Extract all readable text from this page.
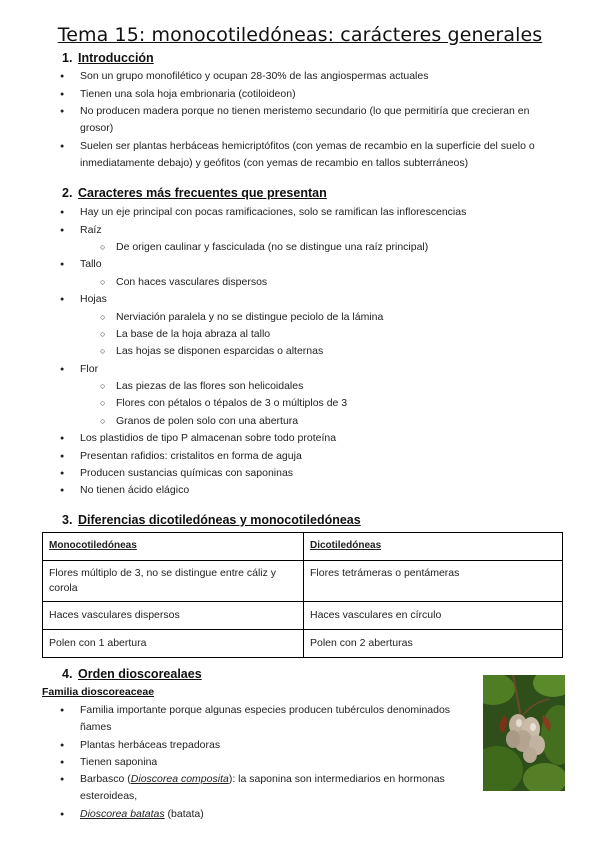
Tema 15: monocotiledóneas: carácteres generales
1. Introducción
● Son un grupo monofilético y ocupan 28-30% de las angiospermas actuales
● Tienen una sola hoja embrionaria (cotiloideon)
● No producen madera porque no tienen meristemo secundario (lo que permitiría que crecieran en grosor)
● Suelen ser plantas herbáceas hemicriptófitos (con yemas de recambio en la superficie del suelo o inmediatamente debajo) y geófitos (con yemas de recambio en tallos subterráneos)
2. Caracteres más frecuentes que presentan
● Hay un eje principal con pocas ramificaciones, solo se ramifican las inflorescencias
● Raíz
○ De origen caulinar y fasciculada (no se distingue una raíz principal)
● Tallo
○ Con haces vasculares dispersos
● Hojas
○ Nerviación paralela y no se distingue peciolo de la lámina
○ La base de la hoja abraza al tallo
○ Las hojas se disponen esparcidas o alternas
● Flor
○ Las piezas de las flores son helicoidales
○ Flores con pétalos o tépalos de 3 o múltiplos de 3
○ Granos de polen solo con una abertura
● Los plastidios de tipo P almacenan sobre todo proteína
● Presentan rafidios: cristalitos en forma de aguja
● Producen sustancias químicas con saponinas
● No tienen ácido elágico
3. Diferencias dicotiledóneas y monocotiledóneas
Monocotiledóneas	Dicotiledóneas
Flores múltiplo de 3, no se distingue entre cáliz y corola	Flores tetrámeras o pentámeras
Haces vasculares dispersos	Haces vasculares en círculo
Polen con 1 abertura	Polen con 2 aberturas
4. Orden dioscorealaes
Familia dioscoreaceae
● Familia importante porque algunas especies producen tubérculos denominados ñames
● Plantas herbáceas trepadoras
● Tienen saponina
● Barbasco (Dioscorea composita): la saponina son intermediarios en hormonas esteroideas,
● Dioscorea batatas (batata)
